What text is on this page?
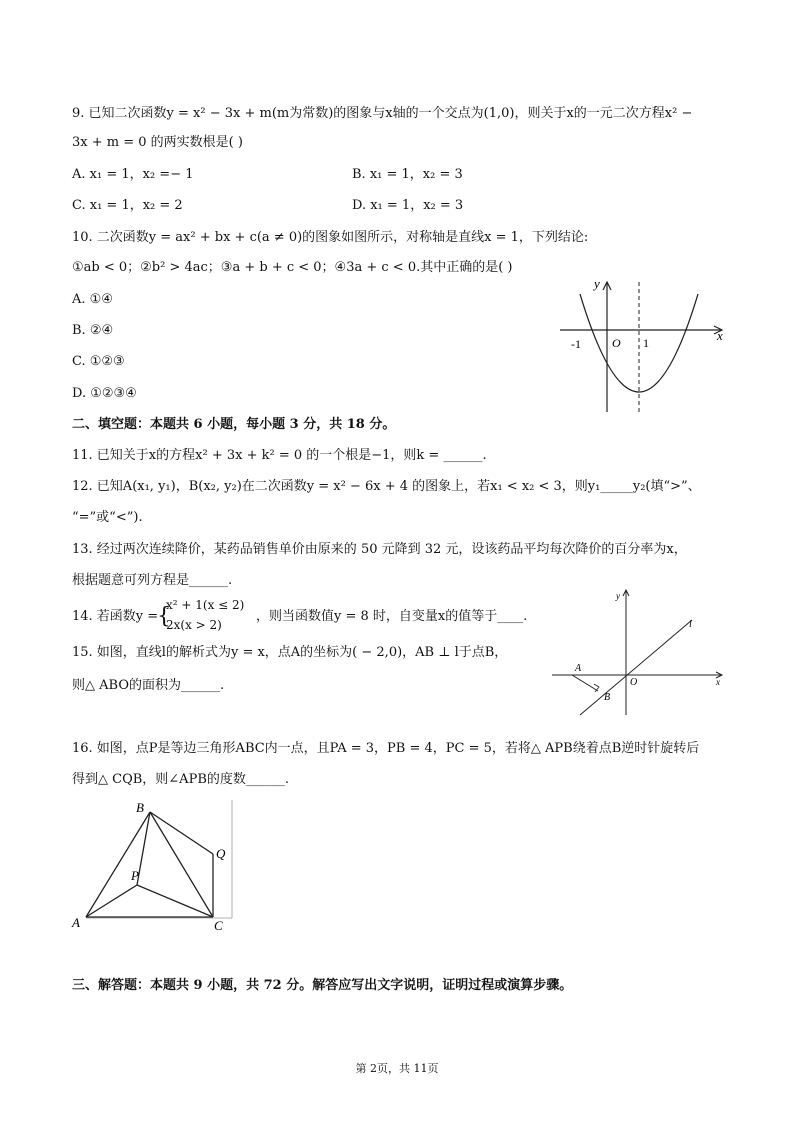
9. 已知二次函数y = x² − 3x + m(m为常数)的图象与x轴的一个交点为(1,0)，则关于x的一元二次方程x² −
3x + m = 0 的两实数根是( )
A. x₁ = 1，x₂ =− 1	B. x₁ = 1，x₂ = 3
C. x₁ = 1，x₂ = 2	D. x₁ = 1，x₂ = 3
10. 二次函数y = ax² + bx + c(a ≠ 0)的图象如图所示，对称轴是直线x = 1，下列结论:
①ab < 0；②b² > 4ac；③a + b + c < 0；④3a + c < 0.其中正确的是( )
A. ①④
B. ②④
C. ①②③
D. ①②③④
y
x
-1	O 1
二、填空题：本题共 6 小题，每小题 3 分，共 18 分。
11. 已知关于x的方程x² + 3x + k² = 0 的一个根是−1，则k = ______.
12. 已知A(x₁, y₁)，B(x₂, y₂)在二次函数y = x² − 6x + 4 的图象上，若x₁ < x₂ < 3，则y₁_____y₂(填“>”、
“=”或“<”).
13. 经过两次连续降价，某药品销售单价由原来的 50 元降到 32 元，设该药品平均每次降价的百分率为x，
根据题意可列方程是______.
14. 若函数y =
{
x² + 1(x ≤ 2)
2x(x > 2)
，则当函数值y = 8 时，自变量x的值等于____.
15. 如图，直线l的解析式为y = x，点A的坐标为( − 2,0)，AB ⊥ l于点B，
则△ ABO的面积为______.
y
x
l
A
O
B
16. 如图，点P是等边三角形ABC内一点，且PA = 3，PB = 4，PC = 5，若将△ APB绕着点B逆时针旋转后
得到△ CQB，则∠APB的度数______.
B
Q
P
A	C
三、解答题：本题共 9 小题，共 72 分。解答应写出文字说明，证明过程或演算步骤。
第 2页，共 11页
